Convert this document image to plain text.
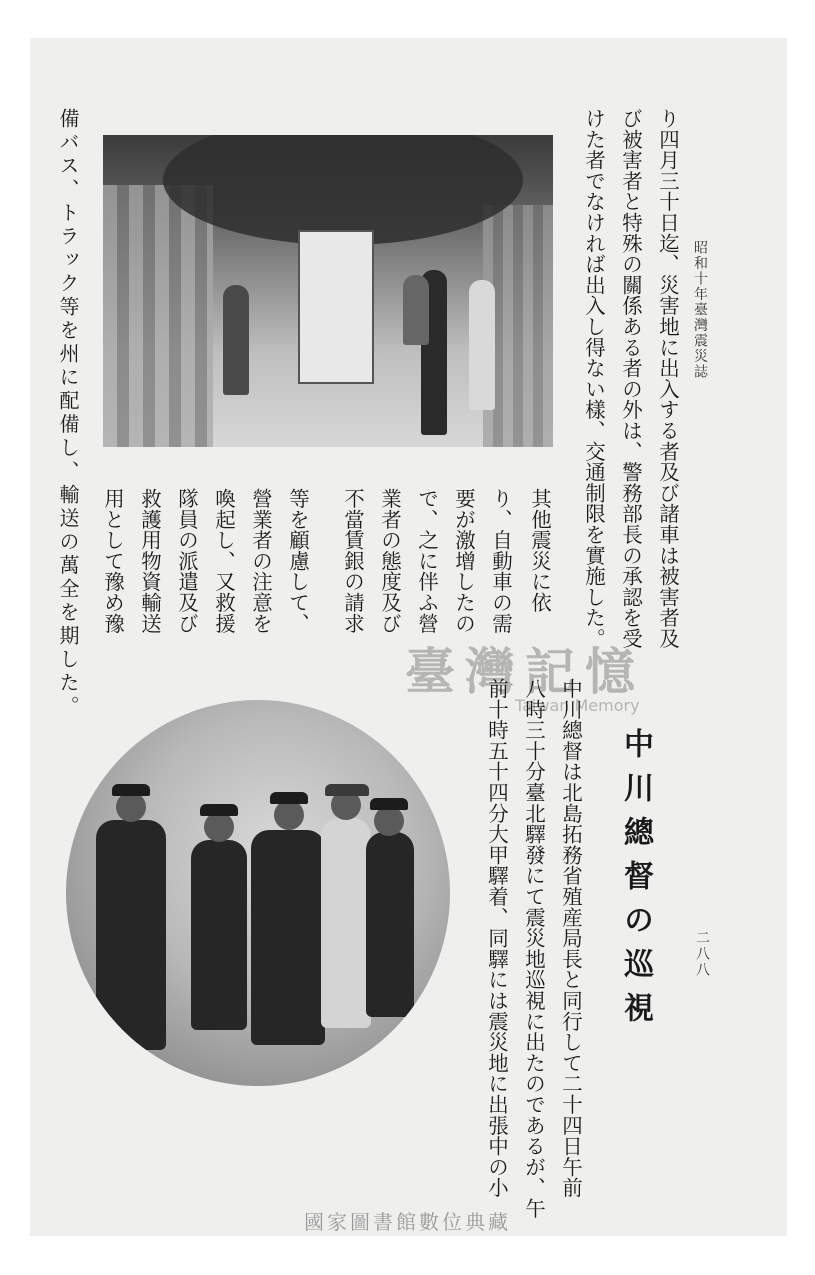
昭和十年臺灣震災誌
二八八
り四月三十日迄、災害地に出入する者及び諸車は被害者及
び被害者と特殊の關係ある者の外は、警務部長の承認を受
けた者でなければ出入し得ない樣、交通制限を實施した。
其他震災に依
り、自動車の需
要が激增したの
で、之に伴ふ營
業者の態度及び
不當賃銀の請求
等を顧慮して、
營業者の注意を
喚起し、又救援
隊員の派遣及び
救護用物資輸送
用として豫め豫
備バス、トラック等を州に配備し、輸送の萬全を期した。	臺灣記憶
Taiwan Memory
中川總督の巡視
中川總督は北島拓務省殖産局長と同行して二十四日午前
八時三十分臺北驛發にて震災地巡視に出たのであるが、午
前十時五十四分大甲驛着、同驛には震災地に出張中の小
國家圖書館數位典藏
